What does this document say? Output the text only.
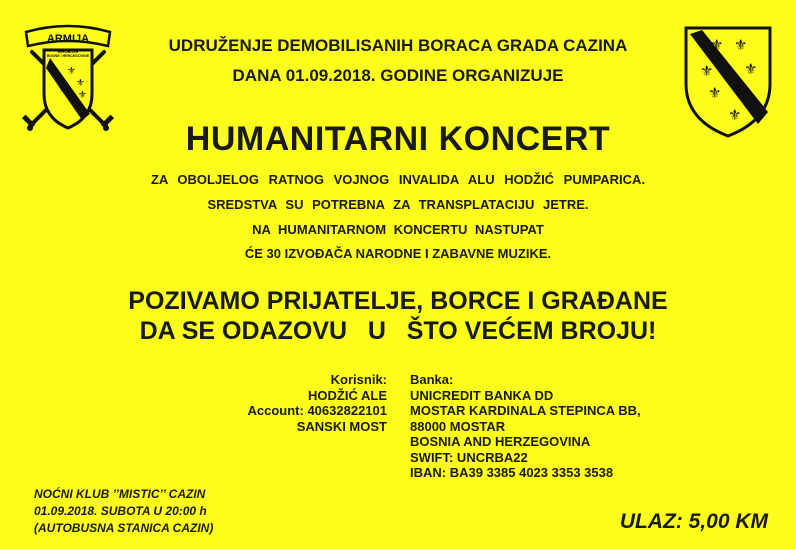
⚜
⚜
⚜
⚜
⚜
ARMIJA
REPUBLIKE
BOSNE I HERCEGOVINE
⚜ ⚜
⚜ ⚜
⚜
⚜
UDRUŽENJE DEMOBILISANIH BORACA GRADA CAZINA
DANA 01.09.2018. GODINE ORGANIZUJE
HUMANITARNI KONCERT
ZA OBOLJELOG RATNOG VOJNOG INVALIDA ALU HODŽIĆ PUMPARICA.
SREDSTVA SU POTREBNA ZA TRANSPLATACIJU JETRE.
NA HUMANITARNOM KONCERTU NASTUPAT
ĆE 30 IZVOĐAČA NARODNE I ZABAVNE MUZIKE.
POZIVAMO PRIJATELJE, BORCE I GRAĐANE
DA SE ODAZOVU   U   ŠTO VEĆEM BROJU!
Korisnik:
HODŽIĆ ALE
Account: 40632822101
SANSKI MOST
Banka:
UNICREDIT BANKA DD
MOSTAR KARDINALA STEPINCA BB,
88000 MOSTAR
BOSNIA AND HERZEGOVINA
SWIFT: UNCRBA22
IBAN: BA39 3385 4023 3353 3538
NOĆNI KLUB ’’MISTIC’’ CAZIN
01.09.2018. SUBOTA U 20:00 h
(AUTOBUSNA STANICA CAZIN)	ULAZ: 5,00 KM
